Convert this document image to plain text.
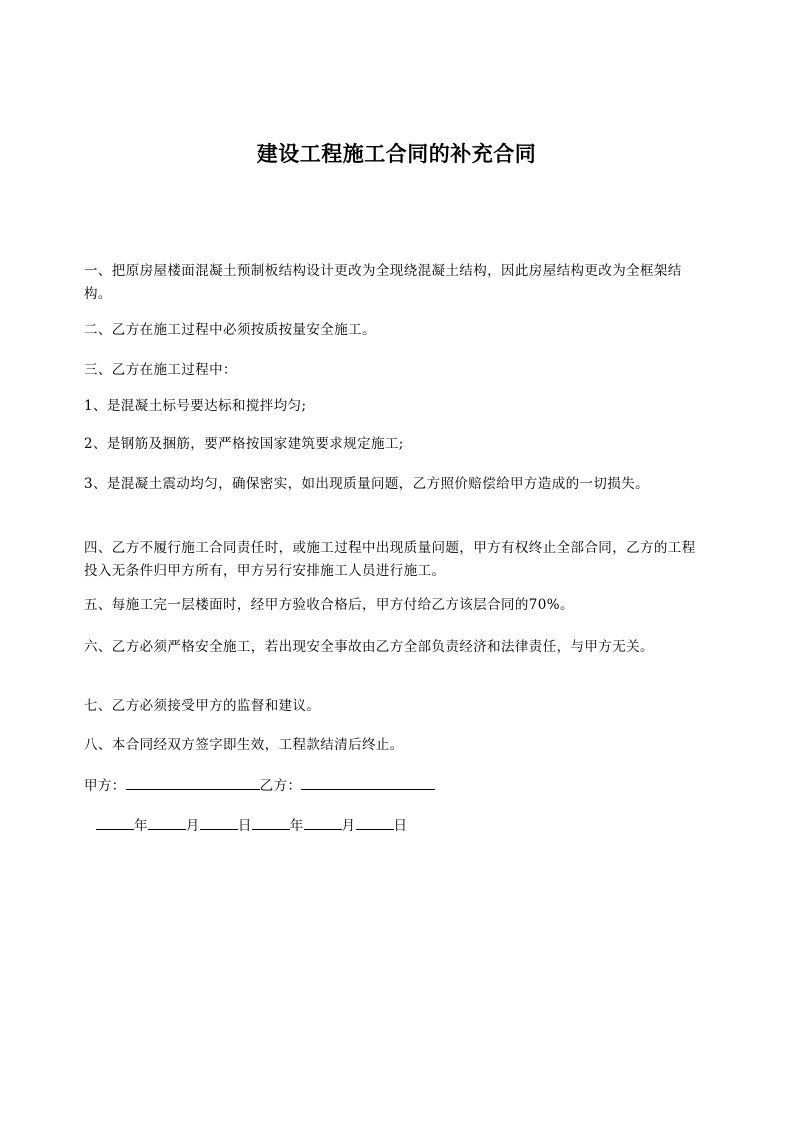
建设工程施工合同的补充合同
一、把原房屋楼面混凝土预制板结构设计更改为全现绕混凝土结构，因此房屋结构更改为全框架结构。
二、乙方在施工过程中必须按质按量安全施工。
三、乙方在施工过程中：
1、是混凝土标号要达标和搅拌均匀;
2、是钢筋及捆筋，要严格按国家建筑要求规定施工;
3、是混凝土震动均匀，确保密实，如出现质量问题，乙方照价赔偿给甲方造成的一切损失。
四、乙方不履行施工合同责任时，或施工过程中出现质量问题，甲方有权终止全部合同，乙方的工程投入无条件归甲方所有，甲方另行安排施工人员进行施工。
五、每施工完一层楼面时，经甲方验收合格后，甲方付给乙方该层合同的70%。
六、乙方必须严格安全施工，若出现安全事故由乙方全部负责经济和法律责任，与甲方无关。
七、乙方必须接受甲方的监督和建议。
八、本合同经双方签字即生效，工程款结清后终止。
甲方：	乙方：
年	月	日	年	月	日
